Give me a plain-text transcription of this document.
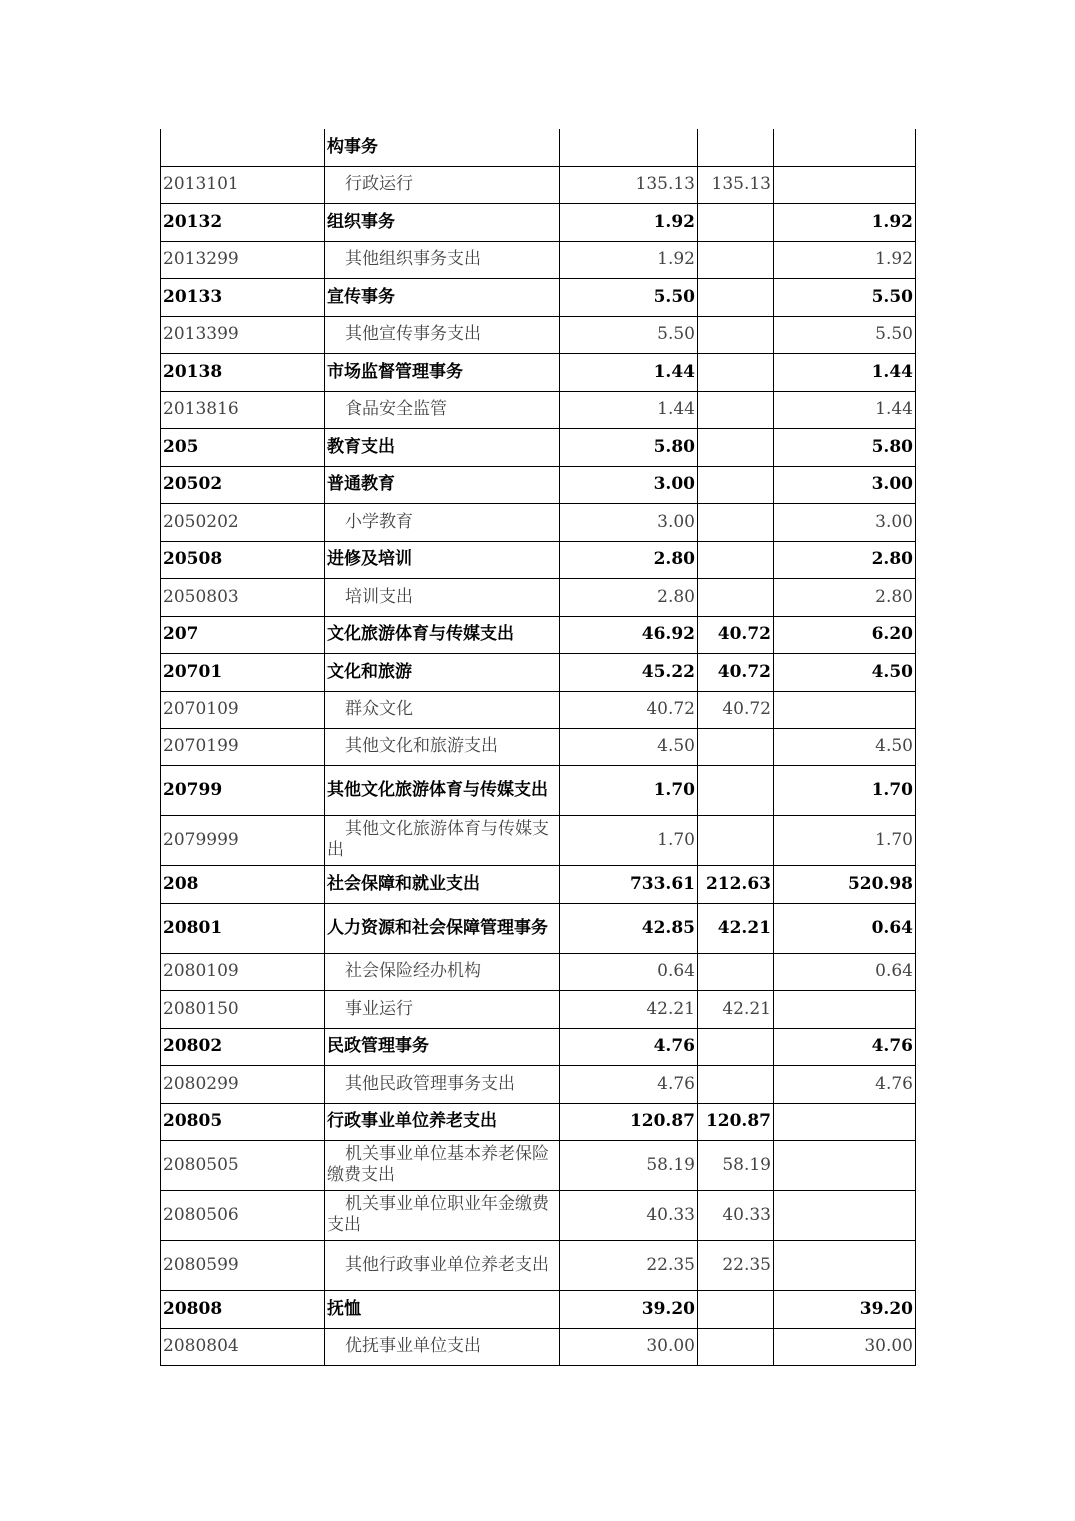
	构事务			
2013101	行政运行	135.13	135.13	
20132	组织事务	1.92		1.92
2013299	其他组织事务支出	1.92		1.92
20133	宣传事务	5.50		5.50
2013399	其他宣传事务支出	5.50		5.50
20138	市场监督管理事务	1.44		1.44
2013816	食品安全监管	1.44		1.44
205	教育支出	5.80		5.80
20502	普通教育	3.00		3.00
2050202	小学教育	3.00		3.00
20508	进修及培训	2.80		2.80
2050803	培训支出	2.80		2.80
207	文化旅游体育与传媒支出	46.92	40.72	6.20
20701	文化和旅游	45.22	40.72	4.50
2070109	群众文化	40.72	40.72	
2070199	其他文化和旅游支出	4.50		4.50
20799	其他文化旅游体育与传媒支出	1.70		1.70
2079999	其他文化旅游体育与传媒支出	1.70		1.70
208	社会保障和就业支出	733.61	212.63	520.98
20801	人力资源和社会保障管理事务	42.85	42.21	0.64
2080109	社会保险经办机构	0.64		0.64
2080150	事业运行	42.21	42.21	
20802	民政管理事务	4.76		4.76
2080299	其他民政管理事务支出	4.76		4.76
20805	行政事业单位养老支出	120.87	120.87	
2080505	机关事业单位基本养老保险缴费支出	58.19	58.19	
2080506	机关事业单位职业年金缴费支出	40.33	40.33	
2080599	其他行政事业单位养老支出	22.35	22.35	
20808	抚恤	39.20		39.20
2080804	优抚事业单位支出	30.00		30.00
